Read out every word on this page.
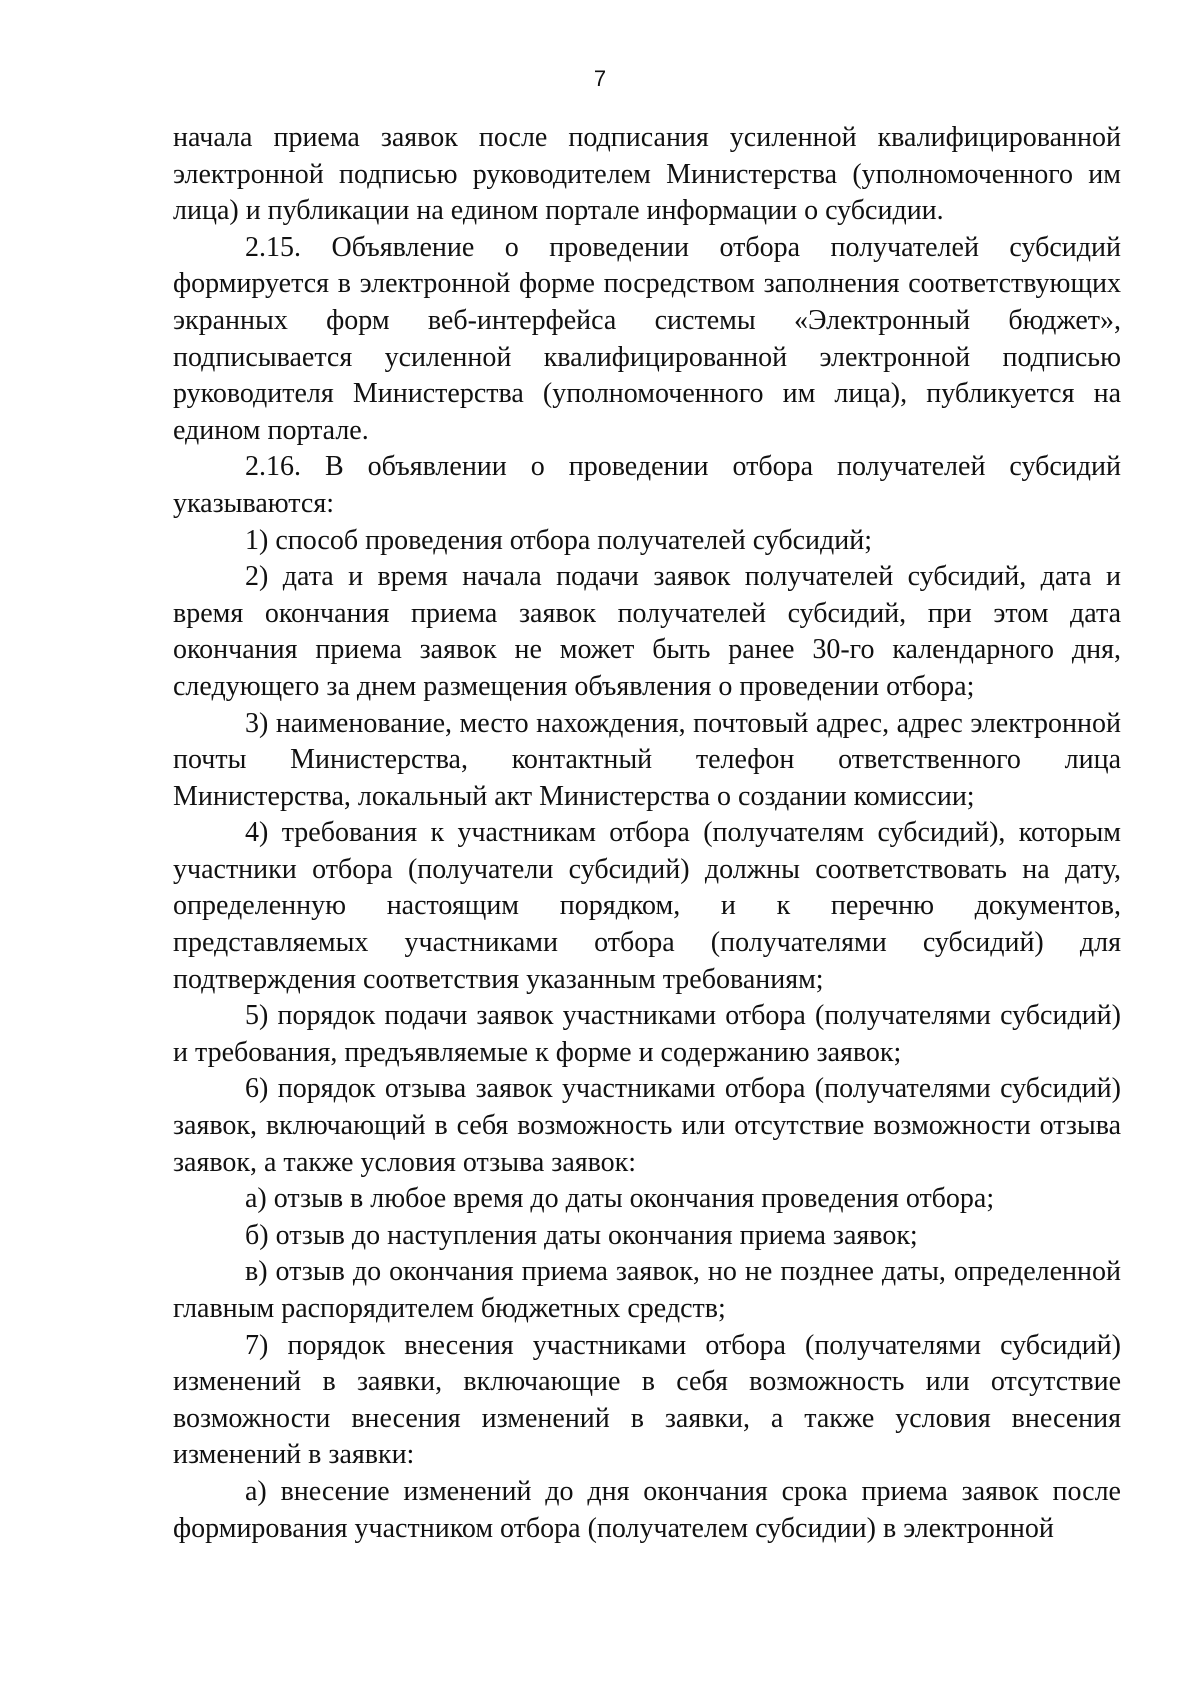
7

начала приема заявок после подписания усиленной квалифицированной электронной подписью руководителем Министерства (уполномоченного им лица) и публикации на едином портале информации о субсидии.

2.15. Объявление о проведении отбора получателей субсидий формируется в электронной форме посредством заполнения соответствующих экранных форм веб-интерфейса системы «Электронный бюджет», подписывается усиленной квалифицированной электронной подписью руководителя Министерства (уполномоченного им лица), публикуется на едином портале.

2.16. В объявлении о проведении отбора получателей субсидий указываются:

1) способ проведения отбора получателей субсидий;

2) дата и время начала подачи заявок получателей субсидий, дата и время окончания приема заявок получателей субсидий, при этом дата окончания приема заявок не может быть ранее 30-го календарного дня, следующего за днем размещения объявления о проведении отбора;

3) наименование, место нахождения, почтовый адрес, адрес электронной почты Министерства, контактный телефон ответственного лица Министерства, локальный акт Министерства о создании комиссии;

4) требования к участникам отбора (получателям субсидий), которым участники отбора (получатели субсидий) должны соответствовать на дату, определенную настоящим порядком, и к перечню документов, представляемых участниками отбора (получателями субсидий) для подтверждения соответствия указанным требованиям;

5) порядок подачи заявок участниками отбора (получателями субсидий) и требования, предъявляемые к форме и содержанию заявок;

6) порядок отзыва заявок участниками отбора (получателями субсидий) заявок, включающий в себя возможность или отсутствие возможности отзыва заявок, а также условия отзыва заявок:

а) отзыв в любое время до даты окончания проведения отбора;

б) отзыв до наступления даты окончания приема заявок;

в) отзыв до окончания приема заявок, но не позднее даты, определенной главным распорядителем бюджетных средств;

7) порядок внесения участниками отбора (получателями субсидий) изменений в заявки, включающие в себя возможность или отсутствие возможности внесения изменений в заявки, а также условия внесения изменений в заявки:

а) внесение изменений до дня окончания срока приема заявок после формирования участником отбора (получателем субсидии) в электронной
